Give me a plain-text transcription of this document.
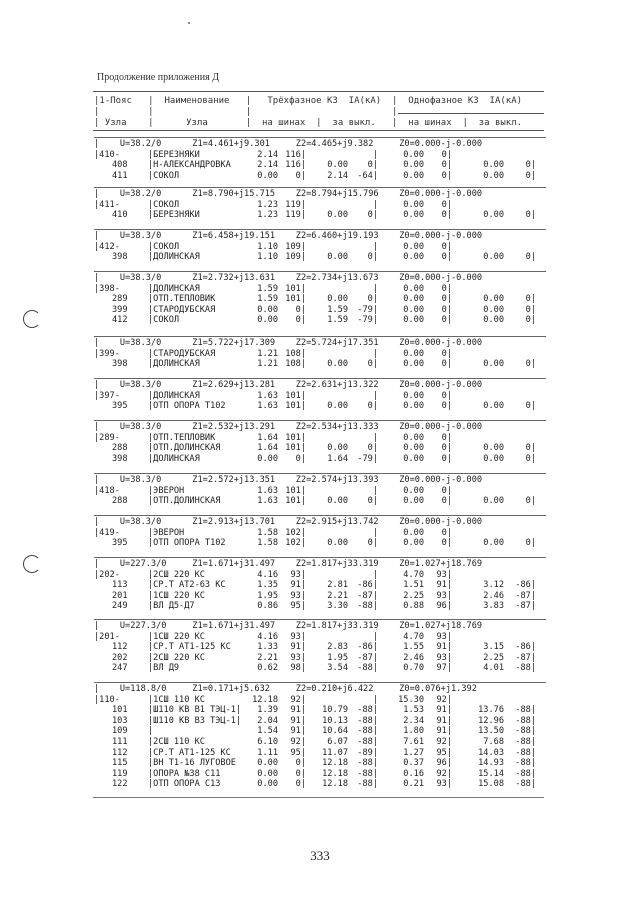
Продолжение приложения Д
|1-Пояс   |  Наименование   |   Трёхфазное КЗ  IА(кА)  |  Однофазное КЗ  IА(кА)
|         |                 |                          |
| Узла    |      Узла       |  на шинах  |  за выкл.   |  на шинах  |  за выкл.
|    U=38.2/0      Z1=4.461+j9.301     Z2=4.465+j9.382     Z0=0.000-j-0.000
|410-	|БЕРЕЗНЯКИ	2.14 116|	|	0.00	0|
408 |Н-АЛЕКСАНДРОВКА	2.14 116|	0.00	0|	0.00	0|	0.00	0|
411 |СОКОЛ	0.00	0|	2.14	-64|	0.00	0|	0.00	0|
|    U=38.2/0      Z1=8.790+j15.715    Z2=8.794+j15.796    Z0=0.000-j-0.000
|411-	|СОКОЛ	1.23 119|	|	0.00	0|
410 |БЕРЕЗНЯКИ	1.23 119|	0.00	0|	0.00	0|	0.00	0|
|    U=38.3/0      Z1=6.458+j19.151    Z2=6.460+j19.193    Z0=0.000-j-0.000
|412-	|СОКОЛ	1.10 109|	|	0.00	0|
398 |ДОЛИНСКАЯ	1.10 109|	0.00	0|	0.00	0|	0.00	0|
|    U=38.3/0      Z1=2.732+j13.631    Z2=2.734+j13.673    Z0=0.000-j-0.000
|398-	|ДОЛИНСКАЯ	1.59 101|	|	0.00	0|
289 |ОТП.ТЕПЛОВИК	1.59 101|	0.00	0|	0.00	0|	0.00	0|
399 |СТАРОДУБСКАЯ	0.00	0|	1.59	-79|	0.00	0|	0.00	0|
412 |СОКОЛ	0.00	0|	1.59	-79|	0.00	0|	0.00	0|
|    U=38.3/0      Z1=5.722+j17.309    Z2=5.724+j17.351    Z0=0.000-j-0.000
|399-	|СТАРОДУБСКАЯ	1.21 108|	|	0.00	0|
398 |ДОЛИНСКАЯ	1.21 108|	0.00	0|	0.00	0|	0.00	0|
|    U=38.3/0      Z1=2.629+j13.281    Z2=2.631+j13.322    Z0=0.000-j-0.000
|397-	|ДОЛИНСКАЯ	1.63 101|	|	0.00	0|
395 |ОТП ОПОРА Т102	1.63 101|	0.00	0|	0.00	0|	0.00	0|
|    U=38.3/0      Z1=2.532+j13.291    Z2=2.534+j13.333    Z0=0.000-j-0.000
|289-	|ОТП.ТЕПЛОВИК	1.64 101|	|	0.00	0|
288 |ОТП.ДОЛИНСКАЯ	1.64 101|	0.00	0|	0.00	0|	0.00	0|
398 |ДОЛИНСКАЯ	0.00	0|	1.64	-79|	0.00	0|	0.00	0|
|    U=38.3/0      Z1=2.572+j13.351    Z2=2.574+j13.393    Z0=0.000-j-0.000
|418-	|ЭВЕРОН	1.63 101|	|	0.00	0|
288 |ОТП.ДОЛИНСКАЯ	1.63 101|	0.00	0|	0.00	0|	0.00	0|
|    U=38.3/0      Z1=2.913+j13.701    Z2=2.915+j13.742    Z0=0.000-j-0.000
|419-	|ЭВЕРОН	1.58 102|	|	0.00	0|
395 |ОТП ОПОРА Т102	1.58 102|	0.00	0|	0.00	0|	0.00	0|
|    U=227.3/0     Z1=1.671+j31.497    Z2=1.817+j33.319    Z0=1.027+j18.769
|202-	|2СШ 220 КС	4.16	93|	|	4.70	93|
113 |СР.Т АТ2-63 КС	1.35	91|	2.81	-86|	1.51	91|	3.12	-86|
201 |1СШ 220 КС	1.95	93|	2.21	-87|	2.25	93|	2.46	-87|
249 |ВЛ Д5-Д7	0.86	95|	3.30	-88|	0.88	96|	3.83	-87|
|    U=227.3/0     Z1=1.671+j31.497    Z2=1.817+j33.319    Z0=1.027+j18.769
|201-	|1СШ 220 КС	4.16	93|	|	4.70	93|
112 |СР.Т АТ1-125 КС	1.33	91|	2.83	-86|	1.55	91|	3.15	-86|
202 |2СШ 220 КС	2.21	93|	1.95	-87|	2.46	93|	2.25	-87|
247 |ВЛ Д9	0.62	98|	3.54	-88|	0.70	97|	4.01	-88|
|    U=118.8/0     Z1=0.171+j5.632     Z2=0.210+j6.422     Z0=0.076+j1.392
|110-	|1СШ 110 КС	12.18	92|	|	15.30	92|
101 |Ш110 КВ В1 ТЭЦ-1|	1.39	91|	10.79	-88|	1.53	91|	13.76	-88|
103 |Ш110 КВ В3 ТЭЦ-1|	2.04	91|	10.13	-88|	2.34	91|	12.96	-88|
109 |	1.54	91|	10.64	-88|	1.80	91|	13.50	-88|
111 |2СШ 110 КС	6.10	92|	6.07	-88|	7.61	92|	7.68	-88|
112 |СР.Т АТ1-125 КС	1.11	95|	11.07	-89|	1.27	95|	14.03	-88|
115 |ВН Т1-16 ЛУГОВОЕ	0.00	0|	12.18	-88|	0.37	96|	14.93	-88|
119 |ОПОРА №38 С11	0.00	0|	12.18	-88|	0.16	92|	15.14	-88|
122 |ОТП ОПОРА С13	0.00	0|	12.18	-88|	0.21	93|	15.08	-88|
333
